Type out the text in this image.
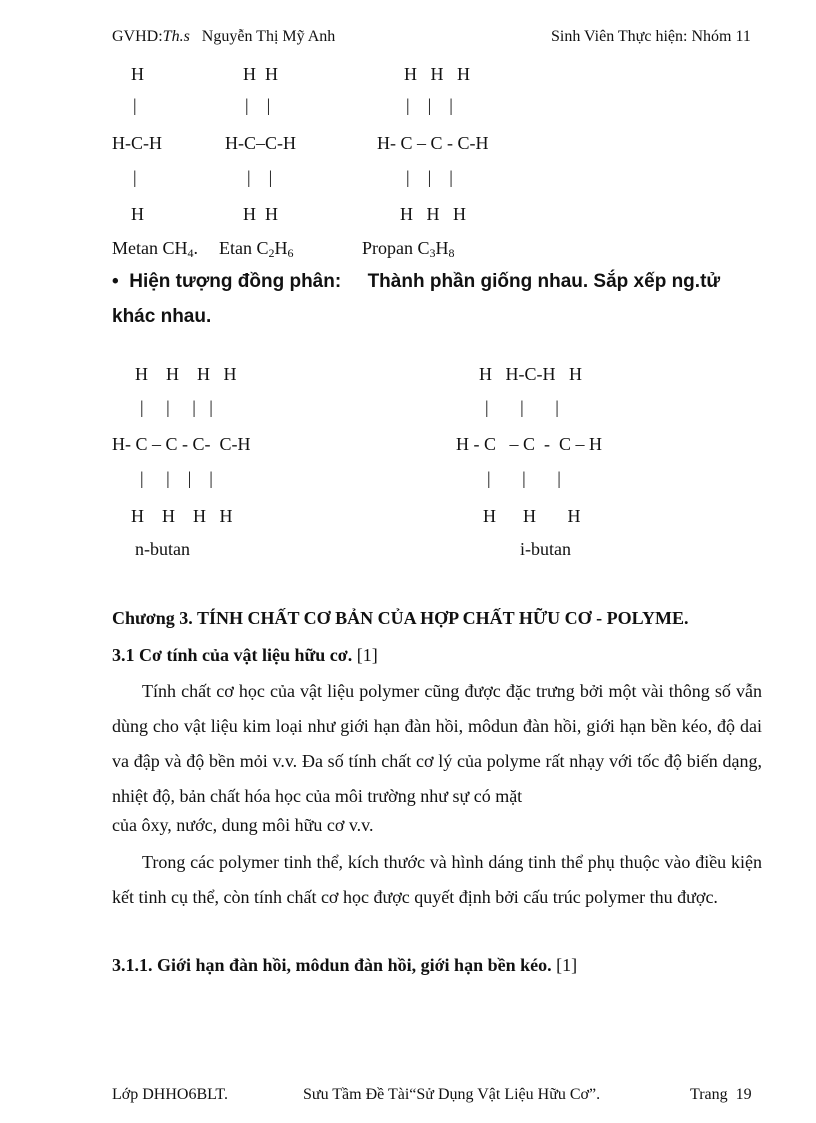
GVHD:Th.s Nguyễn Thị Mỹ Anh	Sinh Viên Thực hiện: Nhóm 11
H
|
H-C-H
|
H
H  H
|    |
H-C–C-H
|    |
H  H
H   H   H
|    |    |
H- C – C - C-H
|    |    |
H   H   H
Metan $CH_4$. Etan $C_2H_6$	Propan $C_3H_8$
• Hiện tượng đồng phân: Thành phần giống nhau. Sắp xếp ng.tử
khác nhau.
H    H    H   H
|     |     |   |
H- C – C - C-  C-H
|     |    |    |
H    H    H   H
n-butan
H   H-C-H   H
|       |       |
H - C   – C  -  C – H
|       |       |
H      H       H
i-butan
Chương 3. TÍNH CHẤT CƠ BẢN CỦA HỢP CHẤT HỮU CƠ - POLYME.
3.1 Cơ tính của vật liệu hữu cơ. [1]
Tính chất cơ học của vật liệu polymer cũng được đặc trưng bởi một vài thông số vẫn dùng cho vật liệu kim loại như giới hạn đàn hồi, môdun đàn hồi, giới hạn bền kéo, độ dai va đập và độ bền mỏi v.v. Đa số tính chất cơ lý của polyme rất nhạy với tốc độ biến dạng, nhiệt độ, bản chất hóa học của môi trường như sự có mặt
của ôxy, nước, dung môi hữu cơ v.v.
Trong các polymer tinh thể, kích thước và hình dáng tinh thể phụ thuộc vào điều kiện kết tinh cụ thể, còn tính chất cơ học được quyết định bởi cấu trúc polymer thu được.
3.1.1. Giới hạn đàn hồi, môdun đàn hồi, giới hạn bền kéo. [1]
Lớp DHHO6BLT.	Sưu Tầm Đề Tài“Sử Dụng Vật Liệu Hữu Cơ”.	Trang  19
